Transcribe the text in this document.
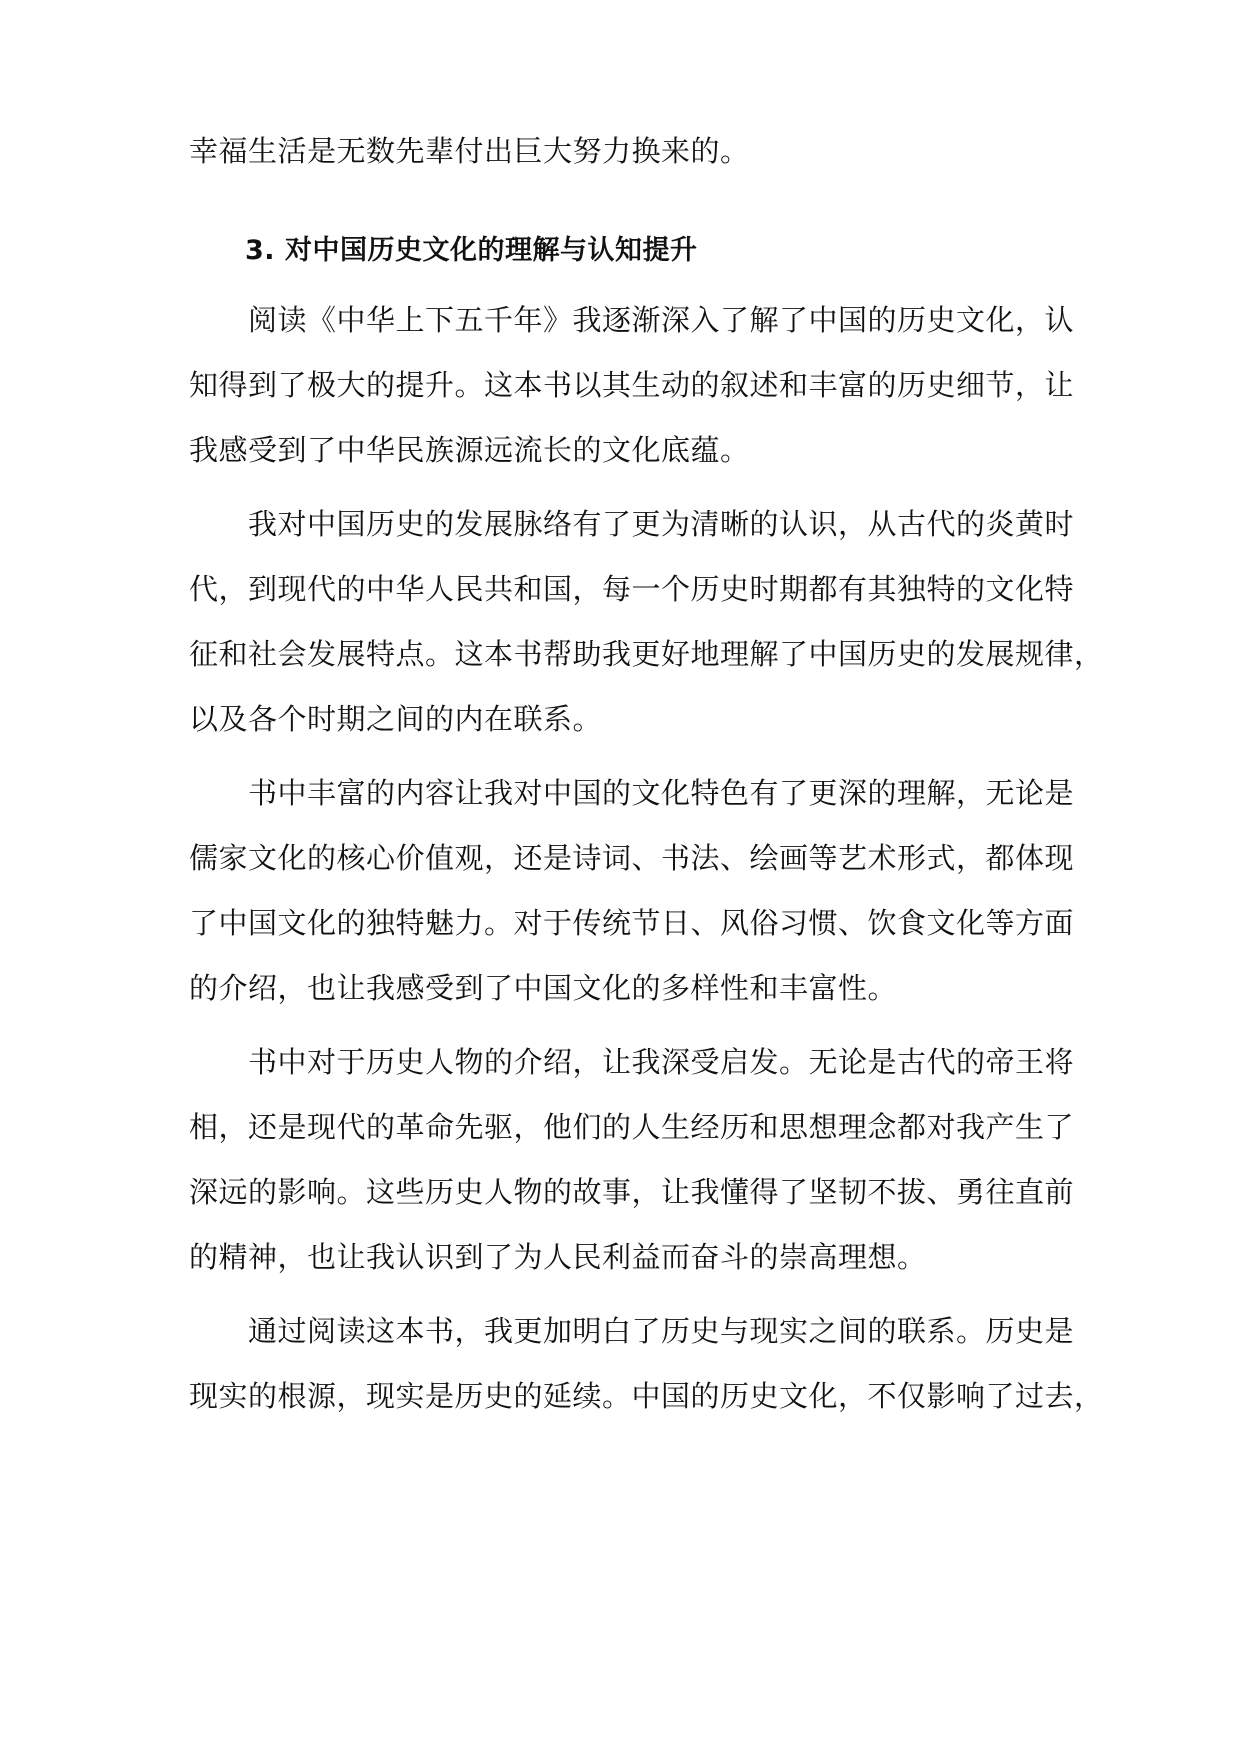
幸福生活是无数先辈付出巨大努力换来的。
3. 对中国历史文化的理解与认知提升
阅读《中华上下五千年》我逐渐深入了解了中国的历史文化，认
知得到了极大的提升。这本书以其生动的叙述和丰富的历史细节，让
我感受到了中华民族源远流长的文化底蕴。
我对中国历史的发展脉络有了更为清晰的认识，从古代的炎黄时
代，到现代的中华人民共和国，每一个历史时期都有其独特的文化特
征和社会发展特点。这本书帮助我更好地理解了中国历史的发展规律，
以及各个时期之间的内在联系。
书中丰富的内容让我对中国的文化特色有了更深的理解，无论是
儒家文化的核心价值观，还是诗词、书法、绘画等艺术形式，都体现
了中国文化的独特魅力。对于传统节日、风俗习惯、饮食文化等方面
的介绍，也让我感受到了中国文化的多样性和丰富性。
书中对于历史人物的介绍，让我深受启发。无论是古代的帝王将
相，还是现代的革命先驱，他们的人生经历和思想理念都对我产生了
深远的影响。这些历史人物的故事，让我懂得了坚韧不拔、勇往直前
的精神，也让我认识到了为人民利益而奋斗的崇高理想。
通过阅读这本书，我更加明白了历史与现实之间的联系。历史是
现实的根源，现实是历史的延续。中国的历史文化，不仅影响了过去，
